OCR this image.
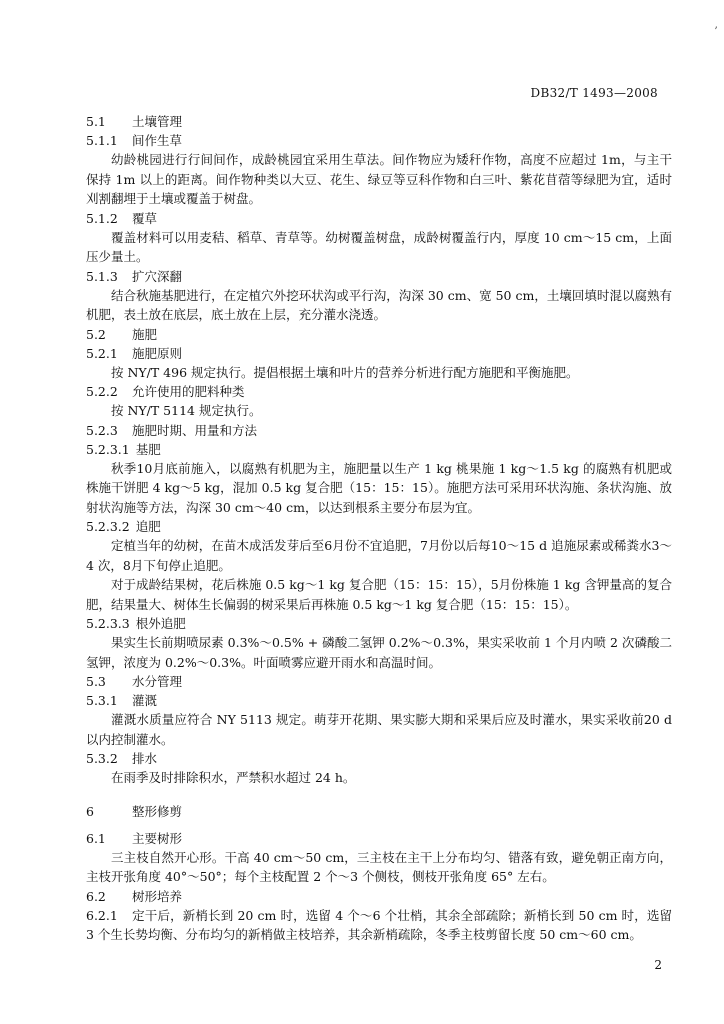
,
DB32/T 1493—2008
5.1	土壤管理
5.1.1	间作生草
幼龄桃园进行行间间作，成龄桃园宜采用生草法。间作物应为矮秆作物，高度不应超过 1m，与主干保持 1m 以上的距离。间作物种类以大豆、花生、绿豆等豆科作物和白三叶、紫花苜蓿等绿肥为宜，适时刈割翻埋于土壤或覆盖于树盘。
5.1.2	覆草
覆盖材料可以用麦秸、稻草、青草等。幼树覆盖树盘，成龄树覆盖行内，厚度 10 cm～15 cm，上面压少量土。
5.1.3	扩穴深翻
结合秋施基肥进行，在定植穴外挖环状沟或平行沟，沟深 30 cm、宽 50 cm，土壤回填时混以腐熟有机肥，表土放在底层，底土放在上层，充分灌水浇透。
5.2	施肥
5.2.1	施肥原则
按 NY/T 496 规定执行。提倡根据土壤和叶片的营养分析进行配方施肥和平衡施肥。
5.2.2	允许使用的肥料种类
按 NY/T 5114 规定执行。
5.2.3	施肥时期、用量和方法
5.2.3.1 基肥
秋季10月底前施入，以腐熟有机肥为主，施肥量以生产 1 kg 桃果施 1 kg～1.5 kg 的腐熟有机肥或株施干饼肥 4 kg～5 kg，混加 0.5 kg 复合肥（15：15：15）。施肥方法可采用环状沟施、条状沟施、放射状沟施等方法，沟深 30 cm～40 cm，以达到根系主要分布层为宜。
5.2.3.2 追肥
定植当年的幼树，在苗木成活发芽后至6月份不宜追肥，7月份以后每10～15 d 追施尿素或稀粪水3～4 次，8月下旬停止追肥。
对于成龄结果树，花后株施 0.5 kg～1 kg 复合肥（15：15：15），5月份株施 1 kg 含钾量高的复合肥，结果量大、树体生长偏弱的树采果后再株施 0.5 kg～1 kg 复合肥（15：15：15）。
5.2.3.3 根外追肥
果实生长前期喷尿素 0.3%～0.5% + 磷酸二氢钾 0.2%～0.3%，果实采收前 1 个月内喷 2 次磷酸二氢钾，浓度为 0.2%～0.3%。叶面喷雾应避开雨水和高温时间。
5.3	水分管理
5.3.1	灌溉
灌溉水质量应符合 NY 5113 规定。萌芽开花期、果实膨大期和采果后应及时灌水，果实采收前20 d 以内控制灌水。
5.3.2	排水
在雨季及时排除积水，严禁积水超过 24 h。
6	整形修剪
6.1	主要树形
三主枝自然开心形。干高 40 cm～50 cm，三主枝在主干上分布均匀、错落有致，避免朝正南方向，主枝开张角度 40°～50°；每个主枝配置 2 个～3 个侧枝，侧枝开张角度 65° 左右。
6.2	树形培养
6.2.1 定干后，新梢长到 20 cm 时，选留 4 个～6 个壮梢，其余全部疏除；新梢长到 50 cm 时，选留 3 个生长势均衡、分布均匀的新梢做主枝培养，其余新梢疏除，冬季主枝剪留长度 50 cm～60 cm。
2
